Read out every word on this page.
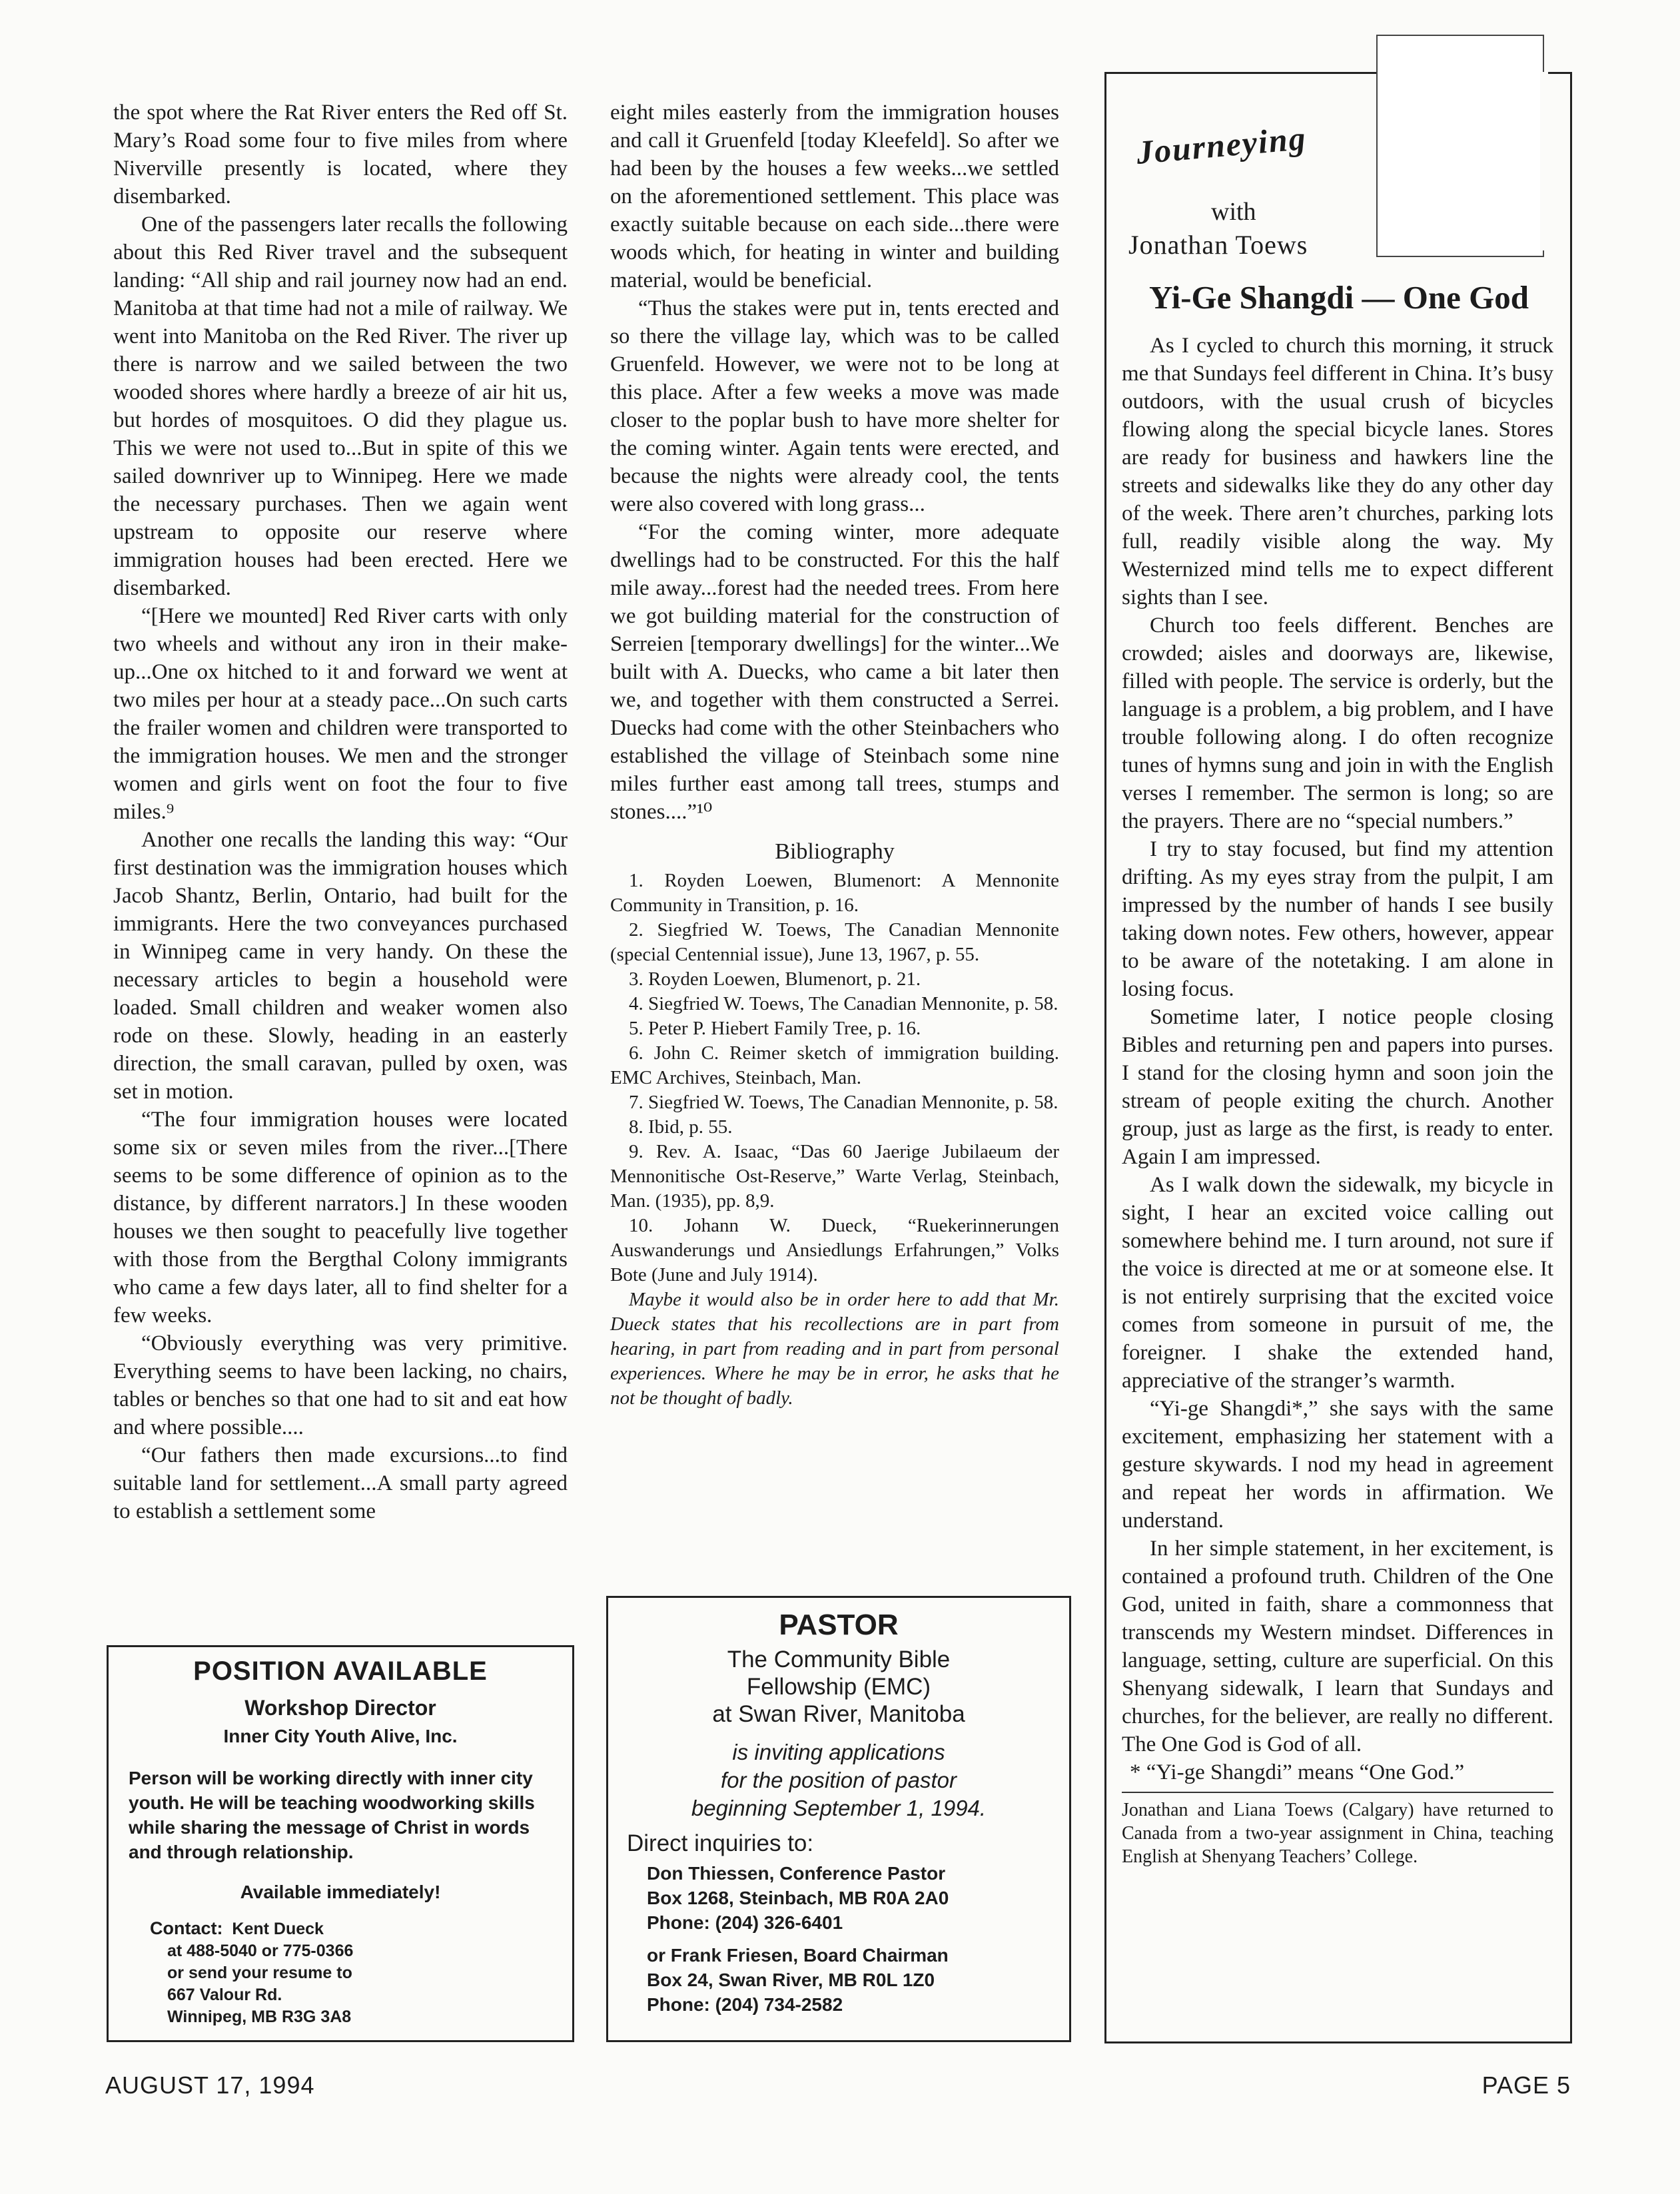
the spot where the Rat River enters the Red off St. Mary’s Road some four to five miles from where Niverville presently is located, where they disembarked.

One of the passengers later recalls the following about this Red River travel and the subsequent landing: “All ship and rail journey now had an end. Manitoba at that time had not a mile of railway. We went into Manitoba on the Red River. The river up there is narrow and we sailed between the two wooded shores where hardly a breeze of air hit us, but hordes of mosquitoes. O did they plague us. This we were not used to...But in spite of this we sailed downriver up to Winnipeg. Here we made the necessary purchases. Then we again went upstream to opposite our reserve where immigration houses had been erected. Here we disembarked.

“[Here we mounted] Red River carts with only two wheels and without any iron in their make-up...One ox hitched to it and forward we went at two miles per hour at a steady pace...On such carts the frailer women and children were transported to the immigration houses. We men and the stronger women and girls went on foot the four to five miles.⁹

Another one recalls the landing this way: “Our first destination was the immigration houses which Jacob Shantz, Berlin, Ontario, had built for the immigrants. Here the two conveyances purchased in Winnipeg came in very handy. On these the necessary articles to begin a household were loaded. Small children and weaker women also rode on these. Slowly, heading in an easterly direction, the small caravan, pulled by oxen, was set in motion.

“The four immigration houses were located some six or seven miles from the river...[There seems to be some difference of opinion as to the distance, by different narrators.] In these wooden houses we then sought to peacefully live together with those from the Bergthal Colony immigrants who came a few days later, all to find shelter for a few weeks.

“Obviously everything was very primitive. Everything seems to have been lacking, no chairs, tables or benches so that one had to sit and eat how and where possible....

“Our fathers then made excursions...to find suitable land for settlement...A small party agreed to establish a settlement some

eight miles easterly from the immigration houses and call it Gruenfeld [today Kleefeld]. So after we had been by the houses a few weeks...we settled on the aforementioned settlement. This place was exactly suitable because on each side...there were woods which, for heating in winter and building material, would be beneficial.

“Thus the stakes were put in, tents erected and so there the village lay, which was to be called Gruenfeld. However, we were not to be long at this place. After a few weeks a move was made closer to the poplar bush to have more shelter for the coming winter. Again tents were erected, and because the nights were already cool, the tents were also covered with long grass...

“For the coming winter, more adequate dwellings had to be constructed. For this the half mile away...forest had the needed trees. From here we got building material for the construction of Serreien [temporary dwellings] for the winter...We built with A. Duecks, who came a bit later then we, and together with them constructed a Serrei. Duecks had come with the other Steinbachers who established the village of Steinbach some nine miles further east among tall trees, stumps and stones....”¹⁰

Bibliography

1. Royden Loewen, Blumenort: A Mennonite Community in Transition, p. 16.

2. Siegfried W. Toews, The Canadian Mennonite (special Centennial issue), June 13, 1967, p. 55.

3. Royden Loewen, Blumenort, p. 21.

4. Siegfried W. Toews, The Canadian Mennonite, p. 58.

5. Peter P. Hiebert Family Tree, p. 16.

6. John C. Reimer sketch of immigration building. EMC Archives, Steinbach, Man.

7. Siegfried W. Toews, The Canadian Mennonite, p. 58.

8. Ibid, p. 55.

9. Rev. A. Isaac, “Das 60 Jaerige Jubilaeum der Mennonitische Ost-Reserve,” Warte Verlag, Steinbach, Man. (1935), pp. 8,9.

10. Johann W. Dueck, “Ruekerinnerungen Auswanderungs und Ansiedlungs Erfahrungen,” Volks Bote (June and July 1914).

Maybe it would also be in order here to add that Mr. Dueck states that his recollections are in part from hearing, in part from reading and in part from personal experiences. Where he may be in error, he asks that he not be thought of badly.

POSITION AVAILABLE
Workshop Director
Inner City Youth Alive, Inc.
Person will be working directly with inner city youth. He will be teaching woodworking skills while sharing the message of Christ in words and through relationship.
Available immediately!
Contact: Kent Dueck
at 488-5040 or 775-0366
or send your resume to
667 Valour Rd.
Winnipeg, MB R3G 3A8
PASTOR
The Community Bible
Fellowship (EMC)
at Swan River, Manitoba
is inviting applications
for the position of pastor
beginning September 1, 1994.
Direct inquiries to:
Don Thiessen, Conference Pastor
Box 1268, Steinbach, MB R0A 2A0
Phone: (204) 326-6401
or Frank Friesen, Board Chairman
Box 24, Swan River, MB R0L 1Z0
Phone: (204) 734-2582
Journeying
with
Jonathan Toews
Yi-Ge Shangdi — One God

As I cycled to church this morning, it struck me that Sundays feel different in China. It’s busy outdoors, with the usual crush of bicycles flowing along the special bicycle lanes. Stores are ready for business and hawkers line the streets and sidewalks like they do any other day of the week. There aren’t churches, parking lots full, readily visible along the way. My Westernized mind tells me to expect different sights than I see.

Church too feels different. Benches are crowded; aisles and doorways are, likewise, filled with people. The service is orderly, but the language is a problem, a big problem, and I have trouble following along. I do often recognize tunes of hymns sung and join in with the English verses I remember. The sermon is long; so are the prayers. There are no “special numbers.”

I try to stay focused, but find my attention drifting. As my eyes stray from the pulpit, I am impressed by the number of hands I see busily taking down notes. Few others, however, appear to be aware of the notetaking. I am alone in losing focus.

Sometime later, I notice people closing Bibles and returning pen and papers into purses. I stand for the closing hymn and soon join the stream of people exiting the church. Another group, just as large as the first, is ready to enter. Again I am impressed.

As I walk down the sidewalk, my bicycle in sight, I hear an excited voice calling out somewhere behind me. I turn around, not sure if the voice is directed at me or at someone else. It is not entirely surprising that the excited voice comes from someone in pursuit of me, the foreigner. I shake the extended hand, appreciative of the stranger’s warmth.

“Yi-ge Shangdi*,” she says with the same excitement, emphasizing her statement with a gesture skywards. I nod my head in agreement and repeat her words in affirmation. We understand.

In her simple statement, in her excitement, is contained a profound truth. Children of the One God, united in faith, share a commonness that transcends my Western mindset. Differences in language, setting, culture are superficial. On this Shenyang sidewalk, I learn that Sundays and churches, for the believer, are really no different. The One God is God of all.

* “Yi-ge Shangdi” means “One God.”

Jonathan and Liana Toews (Calgary) have returned to Canada from a two-year assignment in China, teaching English at Shenyang Teachers’ College.

AUGUST 17, 1994	PAGE 5
